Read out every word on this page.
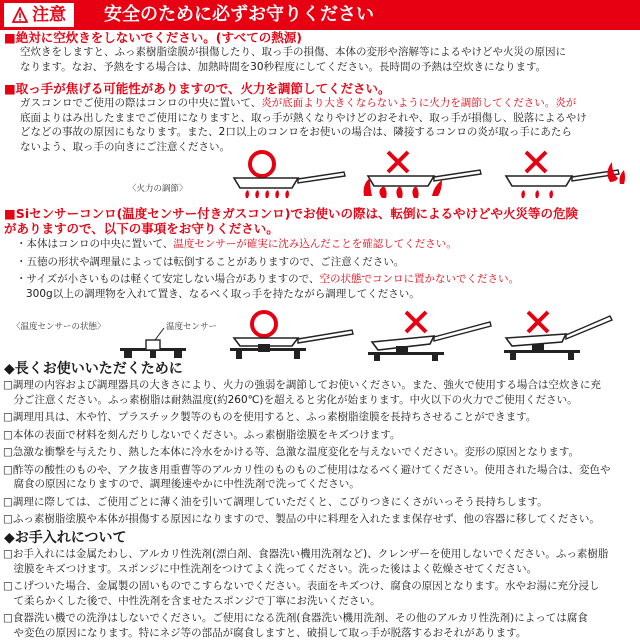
注意 安全のために必ずお守りください
■絶対に空炊きをしないでください。(すべての熱源)

空炊きをしますと、ふっ素樹脂塗膜が損傷したり、取っ手の損傷、本体の変形や溶解等によるやけどや火災の原因に

なります。なお、予熱をする場合は、加熱時間を30秒程度にしてください。長時間の予熱は空炊きになります。

■取っ手が焦げる可能性がありますので、火力を調節してください。

ガスコンロでご使用の際はコンロの中央に置いて、炎が底面より大きくならないように火力を調節してください。炎が

底面よりはみ出したままでご使用になりますと、取っ手が熱くなりやけどのおそれや、取っ手が損傷し、脱落によるやけ

どなどの事故の原因にもなります。また、2口以上のコンロをお使いの場合は、隣接するコンロの炎が取っ手にあたら

ないよう、取っ手の向きにご注意ください。

〈火力の調節〉
■Siセンサーコンロ(温度センサー付きガスコンロ)でお使いの際は、転倒によるやけどや火災等の危険
がありますので、以下の事項をお守りください。

・本体はコンロの中央に置いて、温度センサーが確実に沈み込んだことを確認してください。

・五徳の形状や調理量によっては転倒することがありますので、ご注意ください。

・サイズが小さいものは軽くて安定しない場合がありますので、空の状態でコンロに置かないでください。

300g以上の調理物を入れて置き、なるべく取っ手を持たながら調理してください。

〈温度センサーの状態〉	温度センサー
◆長くお使いいただくために

□調理の内容および調理器具の大きさにより、火力の強弱を調節してお使いください。また、強火で使用する場合は空炊きに充

　分ご注意ください。ふっ素樹脂は耐熱温度(約260℃)を超えると劣化が始まります。中火以下の火力でご使用ください。

□調理用具は、木や竹、プラスチック製等のものを使用すると、ふっ素樹脂塗膜を長持ちさせることができます。

□本体の表面で材料を刻んだりしないでください。ふっ素樹脂塗膜をキズつけます。

□急激な衝撃を与えたり、熱した本体に冷水をかける等、急激な温度変化を与えないでください。変形の原因となります。

□酢等の酸性のものや、アク抜き用重曹等のアルカリ性のものものご使用はなるべく避けてください。使用された場合は、変色や

　腐食の原因になりますので、調理後速やかに中性洗剤で洗ってください。

□調理に際しては、ご使用ごとに薄く油を引いて調理していただくと、こびりつきにくさがいっそう長持ちします。

□ふっ素樹脂塗膜や本体が損傷する原因になりますので、製品の中に料理を入れたまま保存せず、他の容器に移してください。

◆お手入れについて

□お手入れには金属たわし、アルカリ性洗剤(漂白剤、食器洗い機用洗剤など)、クレンザーを使用しないでください。ふっ素樹脂

　塗膜をキズつけます。スポンジに中性洗剤をつけてよく洗ってください。洗った後はよく乾燥させてください。

□こげついた場合、金属製の固いものでこすらないでください。表面をキズつけ、腐食の原因となります。水やお湯に充分浸し

　て柔らかくした後で、中性洗剤を含ませたスポンジで丁寧にお洗いください。

□食器洗い機での洗浄はしないでください。ご使用になる洗剤(食器洗い機用洗剤、その他のアルカリ性洗剤)によっては腐食

　や変色の原因になります。特にネジ等の部品が腐食しますと、破損して取っ手が脱落するおそれがあります。
